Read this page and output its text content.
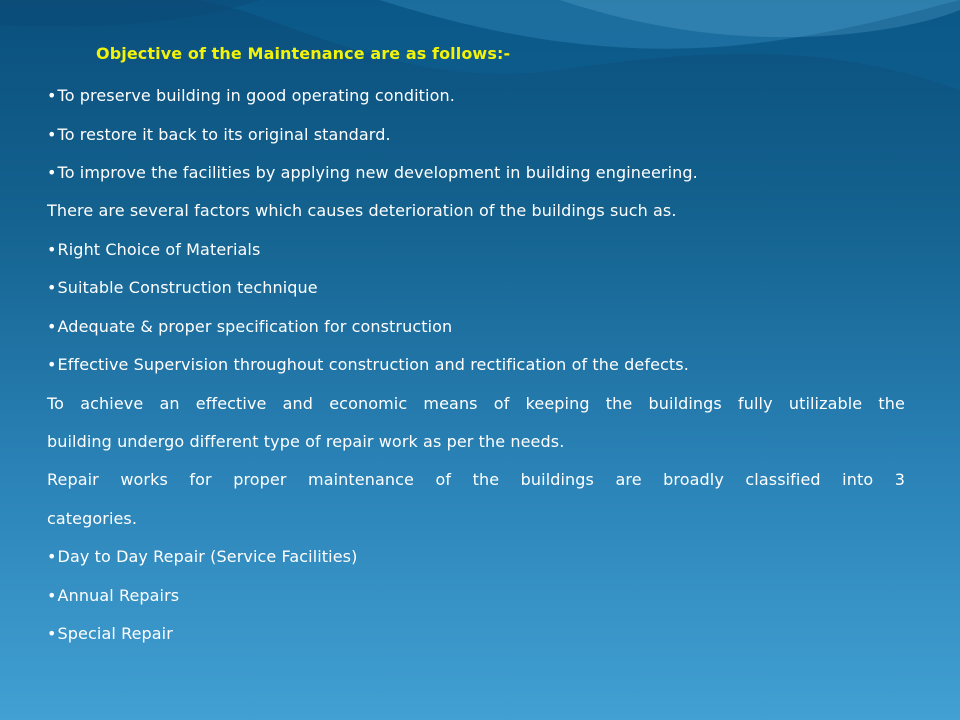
Objective of the Maintenance are as follows:-
•To preserve building in good operating condition.
•To restore it back to its original standard.
•To improve the facilities by applying new development in building engineering.
There are several factors which causes deterioration of the buildings such as.
•Right Choice of Materials
•Suitable Construction technique
•Adequate & proper specification for construction
•Effective Supervision throughout construction and rectification of the defects.
To achieve an effective and economic means of keeping the buildings fully utilizable the
building undergo different type of repair work as per the needs.
Repair works for proper maintenance of the buildings are broadly classified into 3
categories.
•Day to Day Repair (Service Facilities)
•Annual Repairs
•Special Repair
